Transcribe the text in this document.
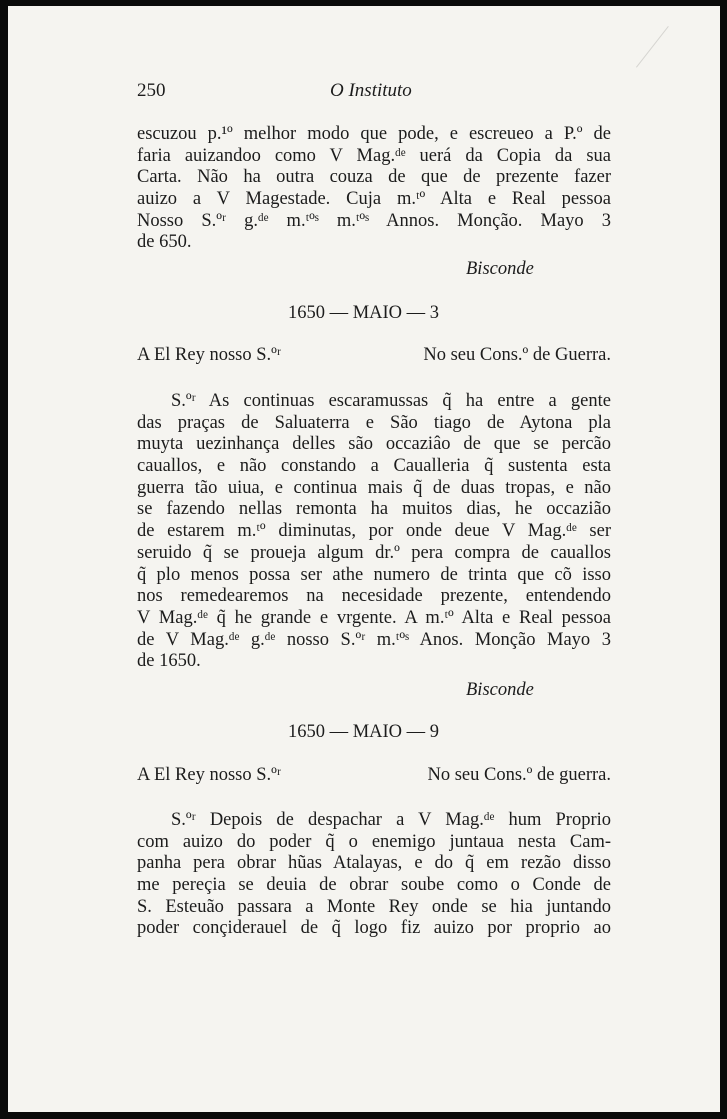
250	O Instituto
escuzou p.¹º melhor modo que pode, e escreueo a P.º de
faria auizandoo como V Mag.ᵈᵉ uerá da Copia da sua
Carta. Não ha outra couza de que de prezente fazer
auizo a V Magestade. Cuja m.ᵗº Alta e Real pessoa
Nosso S.ºʳ g.ᵈᵉ m.ᵗºˢ m.ᵗºˢ Annos. Monção. Mayo 3
de 650.
Bisconde
1650 — MAIO — 3
A El Rey nosso S.ºʳ	No seu Cons.º de Guerra.
S.ºʳ As continuas escaramussas q̃ ha entre a gente
das praças de Saluaterra e São tiago de Aytona pla
muyta uezinhança delles são occaziâo de que se percão
cauallos, e não constando a Caualleria q̃ sustenta esta
guerra tão uiua, e continua mais q̃ de duas tropas, e não
se fazendo nellas remonta ha muitos dias, he occazião
de estarem m.ᵗº diminutas, por onde deue V Mag.ᵈᵉ ser
seruido q̃ se proueja algum dr.º pera compra de cauallos
q̃ plo menos possa ser athe numero de trinta que cõ isso
nos remedearemos na necesidade prezente, entendendo
V Mag.ᵈᵉ q̃ he grande e vrgente. A m.ᵗº Alta e Real pessoa
de V Mag.ᵈᵉ g.ᵈᵉ nosso S.ºʳ m.ᵗºˢ Anos. Monção Mayo 3
de 1650.
Bisconde
1650 — MAIO — 9
A El Rey nosso S.ºʳ	No seu Cons.º de guerra.
S.ºʳ Depois de despachar a V Mag.ᵈᵉ hum Proprio
com auizo do poder q̃ o enemigo juntaua nesta Cam-
panha pera obrar hũas Atalayas, e do q̃ em rezão disso
me pereçia se deuia de obrar soube como o Conde de
S. Esteuão passara a Monte Rey onde se hia juntando
poder conçiderauel de q̃ logo fiz auizo por proprio ao
